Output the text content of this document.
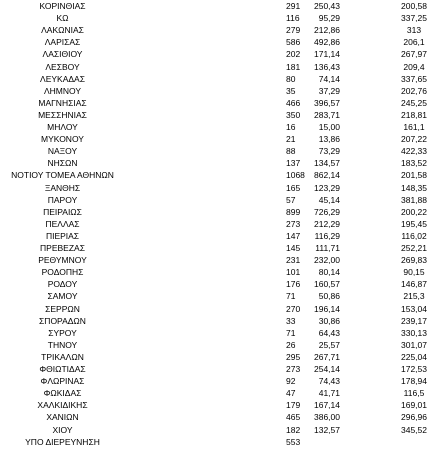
ΚΟΡΙΝΘΙΑΣ	291	250,43	200,58
ΚΩ	116	95,29	337,25
ΛΑΚΩΝΙΑΣ	279	212,86	313
ΛΑΡΙΣΑΣ	586	492,86	206,1
ΛΑΣΙΘΙΟΥ	202	171,14	267,97
ΛΕΣΒΟΥ	181	136,43	209,4
ΛΕΥΚΑΔΑΣ	80	74,14	337,65
ΛΗΜΝΟΥ	35	37,29	202,76
ΜΑΓΝΗΣΙΑΣ	466	396,57	245,25
ΜΕΣΣΗΝΙΑΣ	350	283,71	218,81
ΜΗΛΟΥ	16	15,00	161,1
ΜΥΚΟΝΟΥ	21	13,86	207,22
ΝΑΞΟΥ	88	73,29	422,33
ΝΗΣΩΝ	137	134,57	183,52
ΝΟΤΙΟΥ ΤΟΜΕΑ ΑΘΗΝΩΝ	1068	862,14	201,58
ΞΑΝΘΗΣ	165	123,29	148,35
ΠΑΡΟΥ	57	45,14	381,88
ΠΕΙΡΑΙΩΣ	899	726,29	200,22
ΠΕΛΛΑΣ	273	212,29	195,45
ΠΙΕΡΙΑΣ	147	116,29	116,02
ΠΡΕΒΕΖΑΣ	145	111,71	252,21
ΡΕΘΥΜΝΟΥ	231	232,00	269,83
ΡΟΔΟΠΗΣ	101	80,14	90,15
ΡΟΔΟΥ	176	160,57	146,87
ΣΑΜΟΥ	71	50,86	215,3
ΣΕΡΡΩΝ	270	196,14	153,04
ΣΠΟΡΑΔΩΝ	33	30,86	239,17
ΣΥΡΟΥ	71	64,43	330,13
ΤΗΝΟΥ	26	25,57	301,07
ΤΡΙΚΑΛΩΝ	295	267,71	225,04
ΦΘΙΩΤΙΔΑΣ	273	254,14	172,53
ΦΛΩΡΙΝΑΣ	92	74,43	178,94
ΦΩΚΙΔΑΣ	47	41,71	116,5
ΧΑΛΚΙΔΙΚΗΣ	179	167,14	169,01
ΧΑΝΙΩΝ	465	386,00	296,96
ΧΙΟΥ	182	132,57	345,52
ΥΠΟ ΔΙΕΡΕΥΝΗΣΗ	553
